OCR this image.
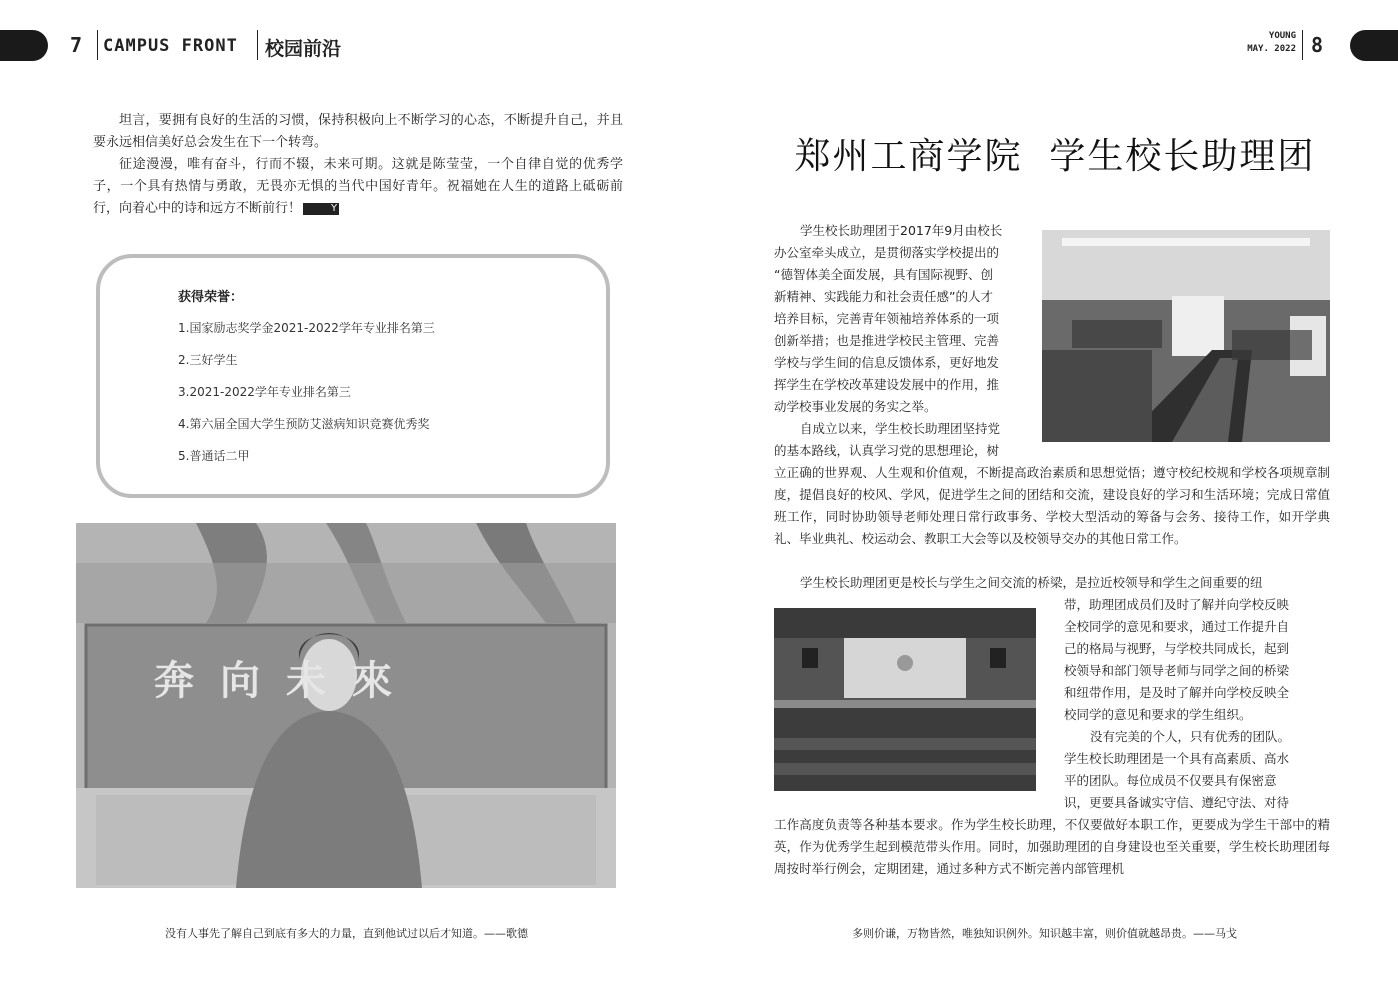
7 CAMPUS FRONT 校园前沿
YOUNG
MAY. 2022 8
坦言，要拥有良好的生活的习惯，保持积极向上不断学习的心态，不断提升自己，并且要永远相信美好总会发生在下一个转弯。
征途漫漫，唯有奋斗，行而不辍，未来可期。这就是陈莹莹，一个自律自觉的优秀学子，一个具有热情与勇敢，无畏亦无惧的当代中国好青年。祝福她在人生的道路上砥砺前行，向着心中的诗和远方不断前行！	Y
获得荣誉：
1.国家励志奖学金2021-2022学年专业排名第三
2.三好学生
3.2021-2022学年专业排名第三
4.第六届全国大学生预防艾滋病知识竞赛优秀奖
5.普通话二甲
奔向未來
没有人事先了解自己到底有多大的力量，直到他试过以后才知道。——歌德
郑州工商学院  学生校长助理团
学生校长助理团于2017年9月由校长
办公室牵头成立，是贯彻落实学校提出的
“德智体美全面发展，具有国际视野、创
新精神、实践能力和社会责任感”的人才
培养目标，完善青年领袖培养体系的一项
创新举措；也是推进学校民主管理、完善
学校与学生间的信息反馈体系，更好地发
挥学生在学校改革建设发展中的作用，推
动学校事业发展的务实之举。
自成立以来，学生校长助理团坚持党
的基本路线，认真学习党的思想理论，树
立正确的世界观、人生观和价值观，不断提高政治素质和思想觉悟；遵守校纪校规和学校各项规章制度，提倡良好的校风、学风，促进学生之间的团结和交流，建设良好的学习和生活环境；完成日常值班工作，同时协助领导老师处理日常行政事务、学校大型活动的筹备与会务、接待工作，如开学典礼、毕业典礼、校运动会、教职工大会等以及校领导交办的其他日常工作。
学生校长助理团更是校长与学生之间交流的桥梁，是拉近校领导和学生之间重要的纽
带，助理团成员们及时了解并向学校反映
全校同学的意见和要求，通过工作提升自
己的格局与视野，与学校共同成长，起到
校领导和部门领导老师与同学之间的桥梁
和纽带作用，是及时了解并向学校反映全
校同学的意见和要求的学生组织。
没有完美的个人，只有优秀的团队。
学生校长助理团是一个具有高素质、高水
平的团队。每位成员不仅要具有保密意
识，更要具备诚实守信、遵纪守法、对待
工作高度负责等各种基本要求。作为学生校长助理，不仅要做好本职工作，更要成为学生干部中的精英，作为优秀学生起到模范带头作用。同时，加强助理团的自身建设也至关重要，学生校长助理团每周按时举行例会，定期团建，通过多种方式不断完善内部管理机
多则价谦，万物皆然，唯独知识例外。知识越丰富，则价值就越昂贵。——马戈
